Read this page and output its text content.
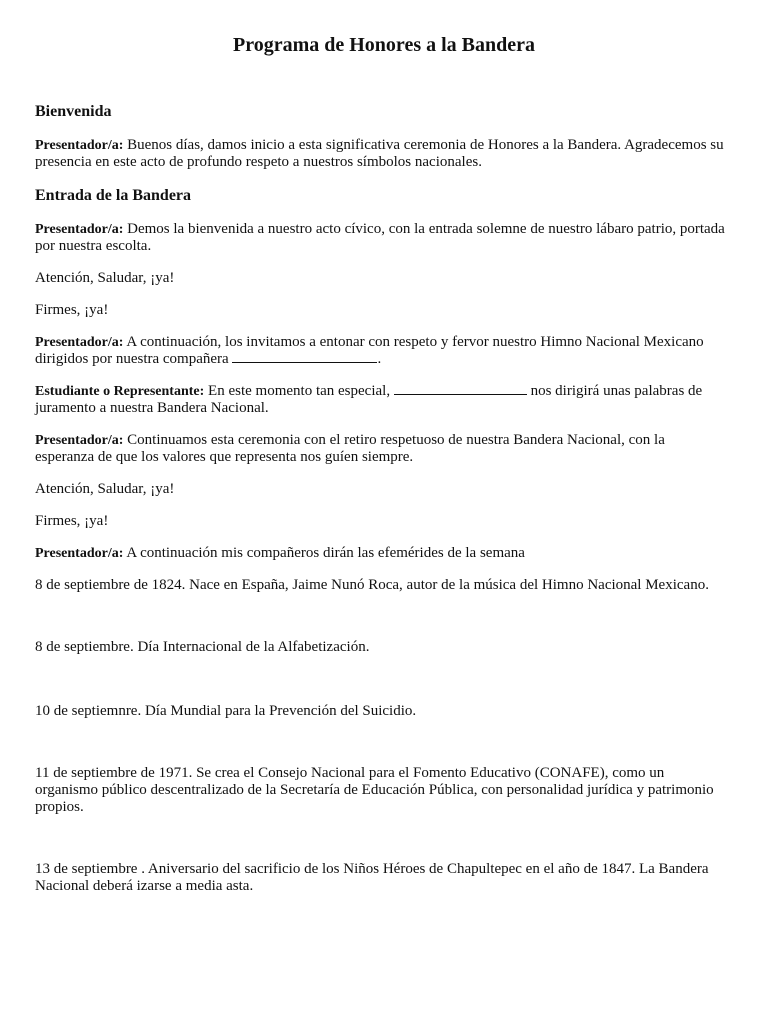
Programa de Honores a la Bandera
Bienvenida

Presentador/a: Buenos días, damos inicio a esta significativa ceremonia de Honores a la Bandera. Agradecemos su presencia en este acto de profundo respeto a nuestros símbolos nacionales.

Entrada de la Bandera

Presentador/a: Demos la bienvenida a nuestro acto cívico, con la entrada solemne de nuestro lábaro patrio, portada por nuestra escolta.

Atención, Saludar, ¡ya!

Firmes, ¡ya!

Presentador/a: A continuación, los invitamos a entonar con respeto y fervor nuestro Himno Nacional Mexicano dirigidos por nuestra compañera	.

Estudiante o Representante: En este momento tan especial,	nos dirigirá unas palabras de juramento a nuestra Bandera Nacional.

Presentador/a: Continuamos esta ceremonia con el retiro respetuoso de nuestra Bandera Nacional, con la esperanza de que los valores que representa nos guíen siempre.

Atención, Saludar, ¡ya!

Firmes, ¡ya!

Presentador/a: A continuación mis compañeros dirán las efemérides de la semana

8 de septiembre de 1824. Nace en España, Jaime Nunó Roca, autor de la música del Himno Nacional Mexicano.

8 de septiembre. Día Internacional de la Alfabetización.

10 de septiemnre. Día Mundial para la Prevención del Suicidio.

11 de septiembre de 1971. Se crea el Consejo Nacional para el Fomento Educativo (CONAFE), como un organismo público descentralizado de la Secretaría de Educación Pública, con personalidad jurídica y patrimonio propios.

13 de septiembre . Aniversario del sacrificio de los Niños Héroes de Chapultepec en el año de 1847. La Bandera Nacional deberá izarse a media asta.
